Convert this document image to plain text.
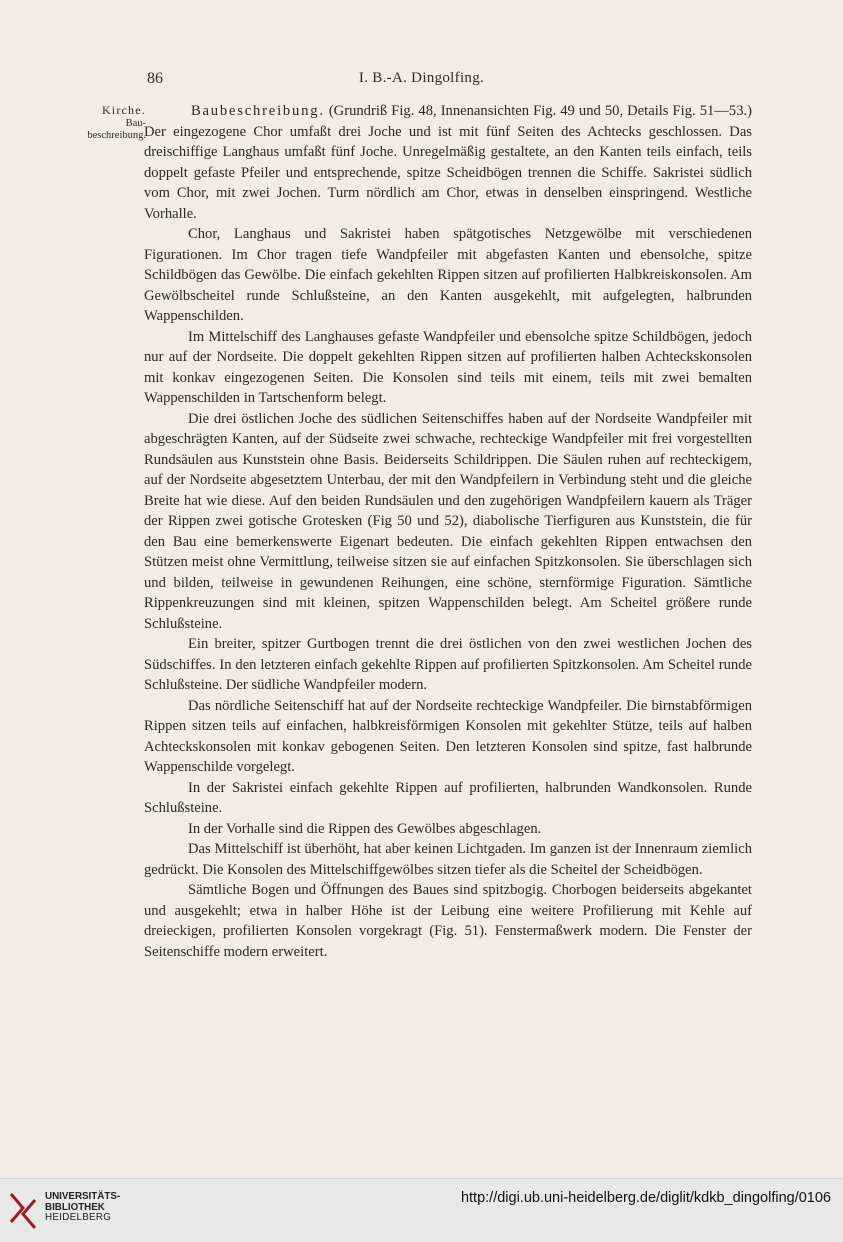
86	I. B.-A. Dingolfing.
Kirche.
Bau-
beschreibung.

Baubeschreibung. (Grundriß Fig. 48, Innenansichten Fig. 49 und 50, Details Fig. 51—53.) Der eingezogene Chor umfaßt drei Joche und ist mit fünf Seiten des Achtecks geschlossen. Das dreischiffige Langhaus umfaßt fünf Joche. Unregelmäßig gestaltete, an den Kanten teils einfach, teils doppelt gefaste Pfeiler und entsprechende, spitze Scheidbögen trennen die Schiffe. Sakristei südlich vom Chor, mit zwei Jochen. Turm nördlich am Chor, etwas in denselben einspringend. Westliche Vorhalle.

Chor, Langhaus und Sakristei haben spätgotisches Netzgewölbe mit verschiedenen Figurationen. Im Chor tragen tiefe Wandpfeiler mit abgefasten Kanten und ebensolche, spitze Schildbögen das Gewölbe. Die einfach gekehlten Rippen sitzen auf profilierten Halbkreiskonsolen. Am Gewölbscheitel runde Schlußsteine, an den Kanten ausgekehlt, mit aufgelegten, halbrunden Wappenschilden.

Im Mittelschiff des Langhauses gefaste Wandpfeiler und ebensolche spitze Schildbögen, jedoch nur auf der Nordseite. Die doppelt gekehlten Rippen sitzen auf profilierten halben Achteckskonsolen mit konkav eingezogenen Seiten. Die Konsolen sind teils mit einem, teils mit zwei bemalten Wappenschilden in Tartschenform belegt.

Die drei östlichen Joche des südlichen Seitenschiffes haben auf der Nordseite Wandpfeiler mit abgeschrägten Kanten, auf der Südseite zwei schwache, rechteckige Wandpfeiler mit frei vorgestellten Rundsäulen aus Kunststein ohne Basis. Beiderseits Schildrippen. Die Säulen ruhen auf rechteckigem, auf der Nordseite abgesetztem Unterbau, der mit den Wandpfeilern in Verbindung steht und die gleiche Breite hat wie diese. Auf den beiden Rundsäulen und den zugehörigen Wandpfeilern kauern als Träger der Rippen zwei gotische Grotesken (Fig 50 und 52), diabolische Tierfiguren aus Kunststein, die für den Bau eine bemerkenswerte Eigenart bedeuten. Die einfach gekehlten Rippen entwachsen den Stützen meist ohne Vermittlung, teilweise sitzen sie auf einfachen Spitzkonsolen. Sie überschlagen sich und bilden, teilweise in gewundenen Reihungen, eine schöne, sternförmige Figuration. Sämtliche Rippenkreuzungen sind mit kleinen, spitzen Wappenschilden belegt. Am Scheitel größere runde Schlußsteine.

Ein breiter, spitzer Gurtbogen trennt die drei östlichen von den zwei westlichen Jochen des Südschiffes. In den letzteren einfach gekehlte Rippen auf profilierten Spitzkonsolen. Am Scheitel runde Schlußsteine. Der südliche Wandpfeiler modern.

Das nördliche Seitenschiff hat auf der Nordseite rechteckige Wandpfeiler. Die birnstabförmigen Rippen sitzen teils auf einfachen, halbkreisförmigen Konsolen mit gekehlter Stütze, teils auf halben Achteckskonsolen mit konkav gebogenen Seiten. Den letzteren Konsolen sind spitze, fast halbrunde Wappenschilde vorgelegt.

In der Sakristei einfach gekehlte Rippen auf profilierten, halbrunden Wandkonsolen. Runde Schlußsteine.

In der Vorhalle sind die Rippen des Gewölbes abgeschlagen.

Das Mittelschiff ist überhöht, hat aber keinen Lichtgaden. Im ganzen ist der Innenraum ziemlich gedrückt. Die Konsolen des Mittelschiffgewölbes sitzen tiefer als die Scheitel der Scheidbögen.

Sämtliche Bogen und Öffnungen des Baues sind spitzbogig. Chorbogen beiderseits abgekantet und ausgekehlt; etwa in halber Höhe ist der Leibung eine weitere Profilierung mit Kehle auf dreieckigen, profilierten Konsolen vorgekragt (Fig. 51). Fenstermaßwerk modern. Die Fenster der Seitenschiffe modern erweitert.

UNIVERSITÄTS-
BIBLIOTHEK
HEIDELBERG
http://digi.ub.uni-heidelberg.de/diglit/kdkb_dingolfing/0106
